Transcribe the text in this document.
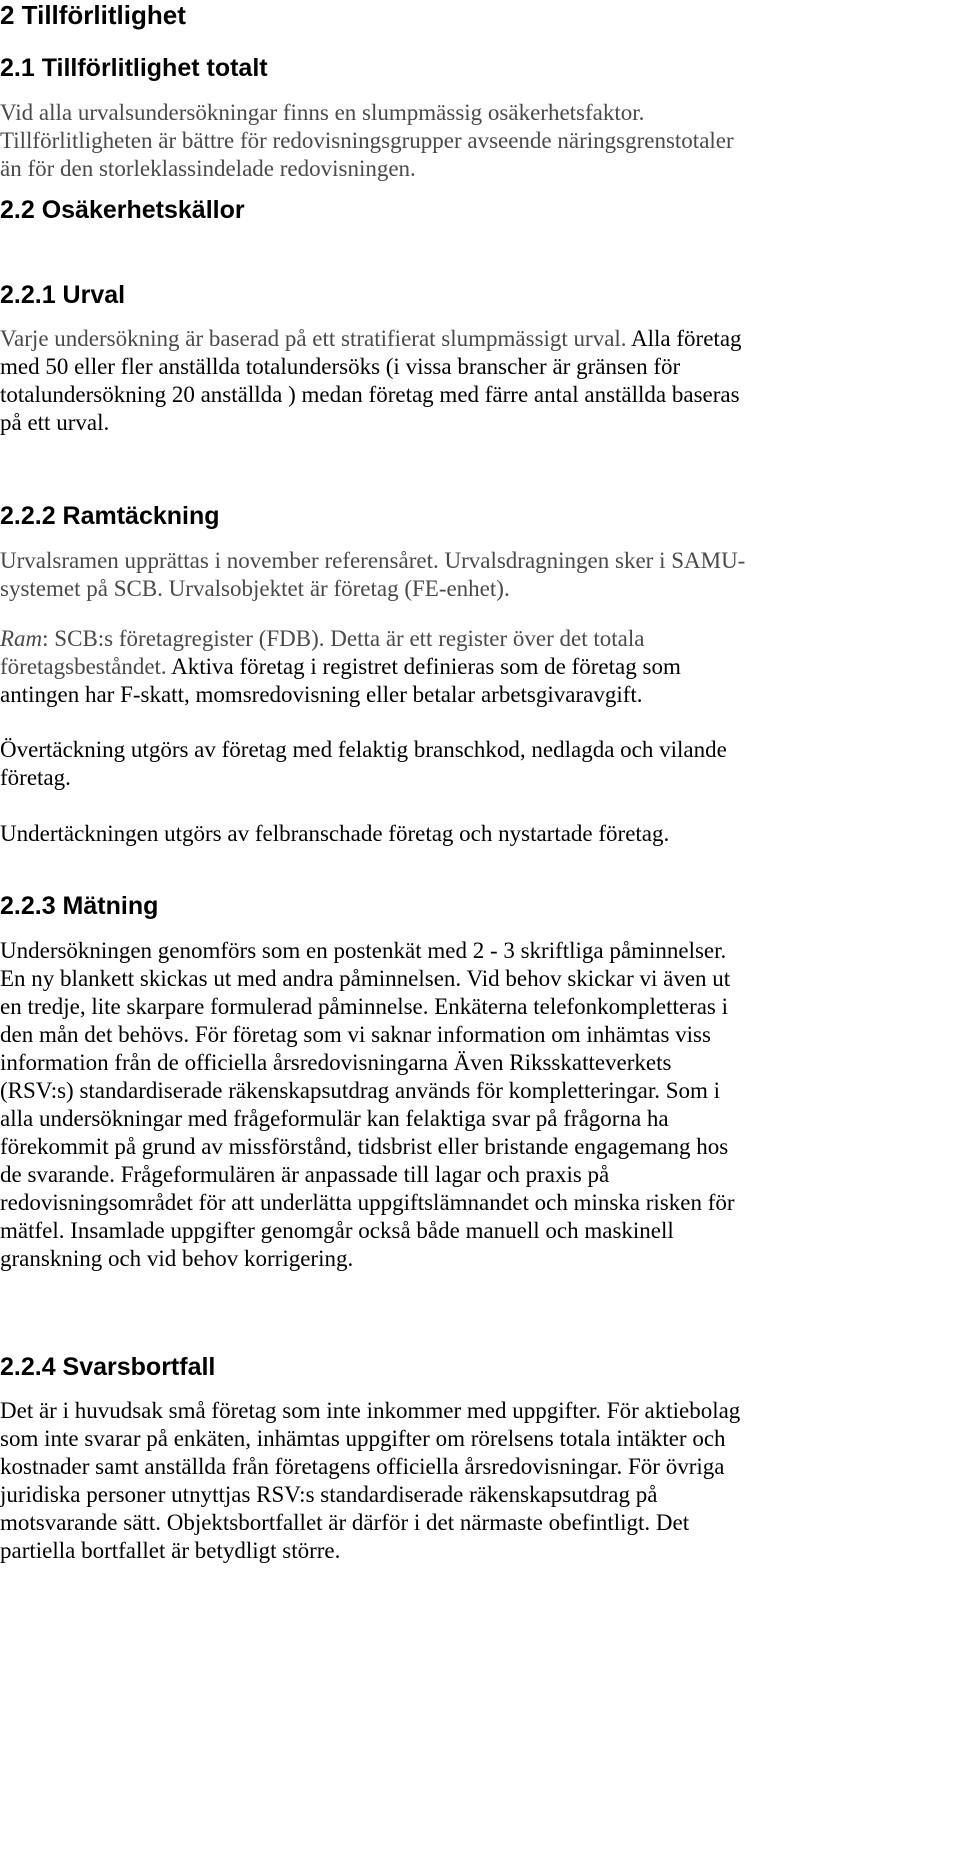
2 Tillförlitlighet
2.1 Tillförlitlighet totalt

Vid alla urvalsundersökningar finns en slumpmässig osäkerhetsfaktor.

Tillförlitligheten är bättre för redovisningsgrupper avseende näringsgrenstotaler

än för den storleklassindelade redovisningen.

2.2 Osäkerhetskällor
2.2.1 Urval

Varje undersökning är baserad på ett stratifierat slumpmässigt urval. Alla företag

med 50 eller fler anställda totalundersöks (i vissa branscher är gränsen för

totalundersökning 20 anställda ) medan företag med färre antal anställda baseras

på ett urval.

2.2.2 Ramtäckning

Urvalsramen upprättas i november referensåret. Urvalsdragningen sker i SAMU-

systemet på SCB. Urvalsobjektet är företag (FE-enhet).

Ram: SCB:s företagregister (FDB). Detta är ett register över det totala

företagsbeståndet. Aktiva företag i registret definieras som de företag som

antingen har F-skatt, momsredovisning eller betalar arbetsgivaravgift.

Övertäckning utgörs av företag med felaktig branschkod, nedlagda och vilande

företag.

Undertäckningen utgörs av felbranschade företag och nystartade företag.

2.2.3 Mätning

Undersökningen genomförs som en postenkät med 2 - 3 skriftliga påminnelser.

En ny blankett skickas ut med andra påminnelsen. Vid behov skickar vi även ut

en tredje, lite skarpare formulerad påminnelse. Enkäterna telefonkompletteras i

den mån det behövs. För företag som vi saknar information om inhämtas viss

information från de officiella årsredovisningarna Även Riksskatteverkets

(RSV:s) standardiserade räkenskapsutdrag används för kompletteringar. Som i

alla undersökningar med frågeformulär kan felaktiga svar på frågorna ha

förekommit på grund av missförstånd, tidsbrist eller bristande engagemang hos

de svarande. Frågeformulären är anpassade till lagar och praxis på

redovisningsområdet för att underlätta uppgiftslämnandet och minska risken för

mätfel. Insamlade uppgifter genomgår också både manuell och maskinell

granskning och vid behov korrigering.

2.2.4 Svarsbortfall

Det är i huvudsak små företag som inte inkommer med uppgifter. För aktiebolag

som inte svarar på enkäten, inhämtas uppgifter om rörelsens totala intäkter och

kostnader samt anställda från företagens officiella årsredovisningar. För övriga

juridiska personer utnyttjas RSV:s standardiserade räkenskapsutdrag på

motsvarande sätt. Objektsbortfallet är därför i det närmaste obefintligt. Det

partiella bortfallet är betydligt större.
